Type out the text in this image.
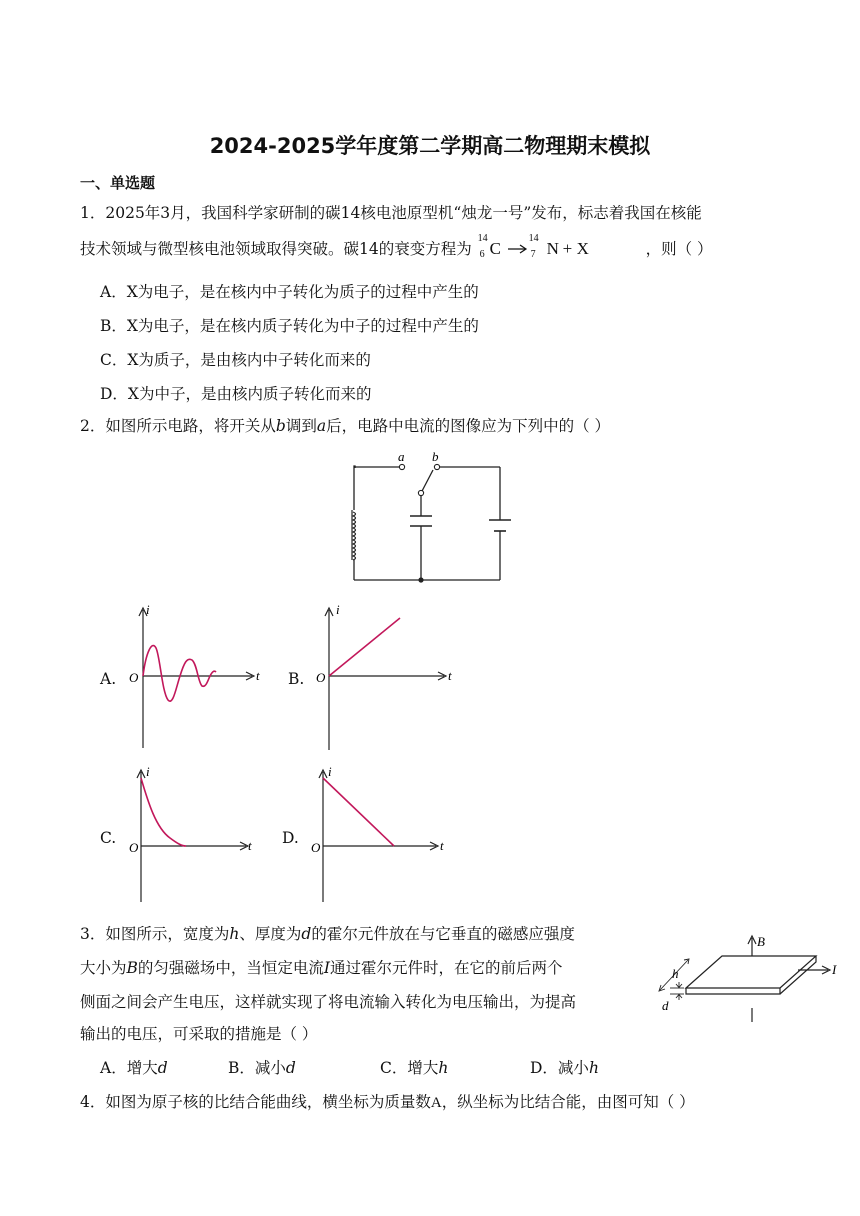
2024-2025学年度第二学期高二物理期末模拟
一、单选题
1．2025年3月，我国科学家研制的碳14核电池原型机“烛龙一号”发布，标志着我国在核能
技术领域与微型核电池领域取得突破。碳14的衰变方程为
14
6 C
14
7 N + X	，则（ ）
A．X为电子，是在核内中子转化为质子的过程中产生的
B．X为电子，是在核内质子转化为中子的过程中产生的
C．X为质子，是由核内中子转化而来的
D．X为中子，是由核内质子转化而来的
2．如图所示电路，将开关从b调到a后，电路中电流的图像应为下列中的（ ）
a b
A.
i
t
O	B.
i
t
O
C.
i
t
O
D.
i
t
O
3．如图所示，宽度为h、厚度为d的霍尔元件放在与它垂直的磁感应强度
大小为B的匀强磁场中，当恒定电流I通过霍尔元件时，在它的前后两个
侧面之间会产生电压，这样就实现了将电流输入转化为电压输出，为提高
输出的电压，可采取的措施是（ ）
A．增大d	B．减小d	C．增大h	D．减小h
B
I
h
d
4．如图为原子核的比结合能曲线，横坐标为质量数A，纵坐标为比结合能，由图可知（ ）
